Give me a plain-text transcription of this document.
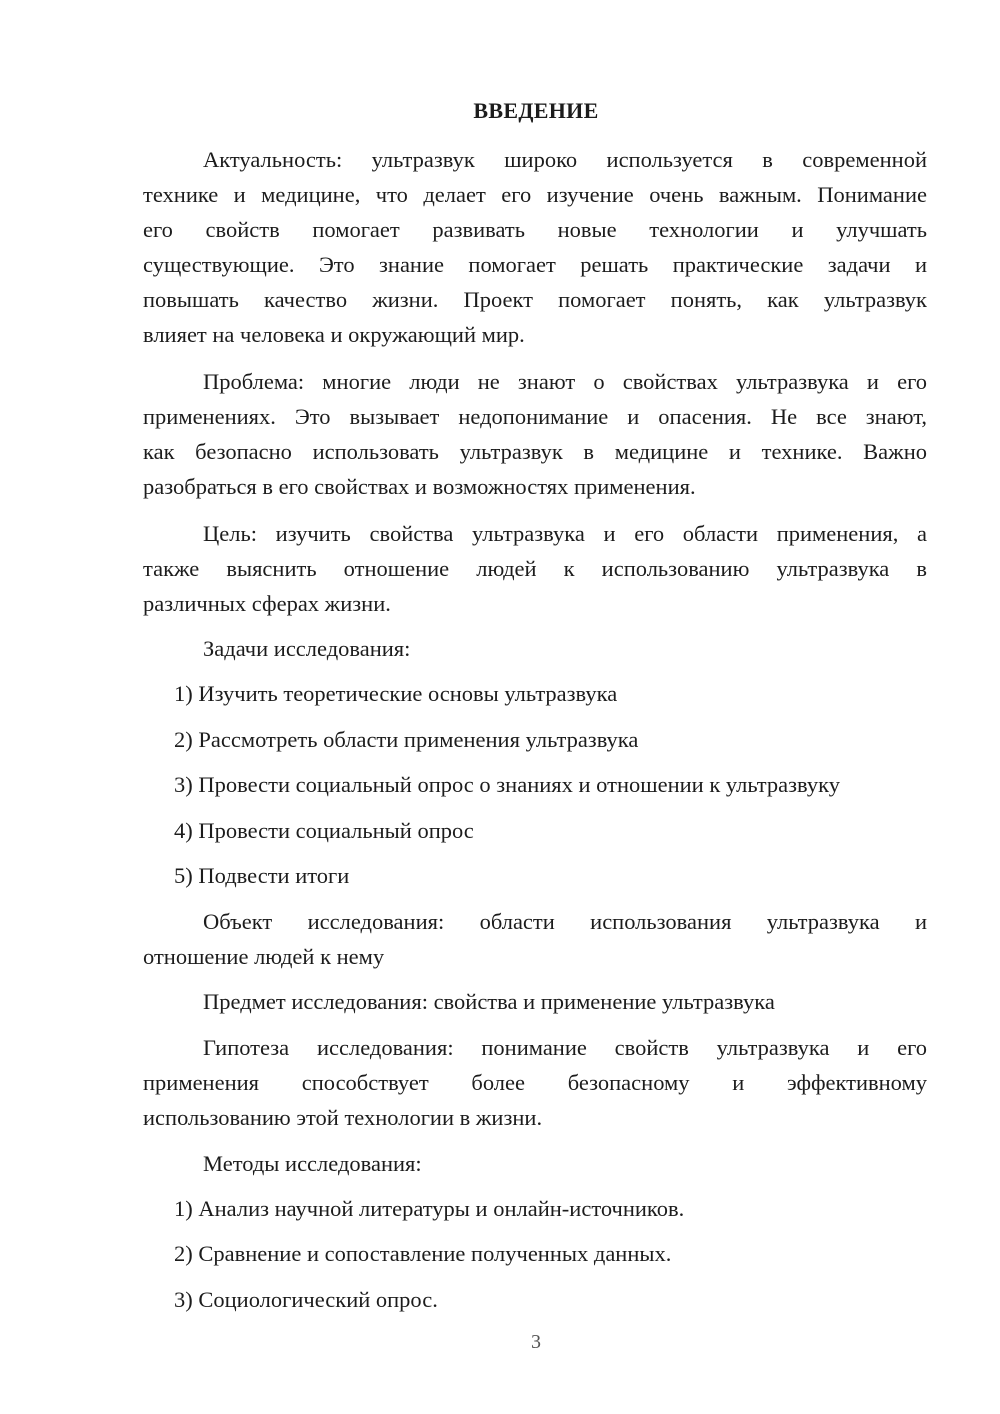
ВВЕДЕНИЕ
Актуальность: ультразвук широко используется в современной
технике и медицине, что делает его изучение очень важным. Понимание
его свойств помогает развивать новые технологии и улучшать
существующие. Это знание помогает решать практические задачи и
повышать качество жизни. Проект помогает понять, как ультразвук
влияет на человека и окружающий мир.
Проблема: многие люди не знают о свойствах ультразвука и его
применениях. Это вызывает недопонимание и опасения. Не все знают,
как безопасно использовать ультразвук в медицине и технике. Важно
разобраться в его свойствах и возможностях применения.
Цель: изучить свойства ультразвука и его области применения, а
также выяснить отношение людей к использованию ультразвука в
различных сферах жизни.
Задачи исследования:
1) Изучить теоретические основы ультразвука
2) Рассмотреть области применения ультразвука
3) Провести социальный опрос о знаниях и отношении к ультразвуку
4) Провести социальный опрос
5) Подвести итоги
Объект исследования: области использования ультразвука и
отношение людей к нему
Предмет исследования: свойства и применение ультразвука
Гипотеза исследования: понимание свойств ультразвука и его
применения способствует более безопасному и эффективному
использованию этой технологии в жизни.
Методы исследования:
1) Анализ научной литературы и онлайн-источников.
2) Сравнение и сопоставление полученных данных.
3) Социологический опрос.
3
